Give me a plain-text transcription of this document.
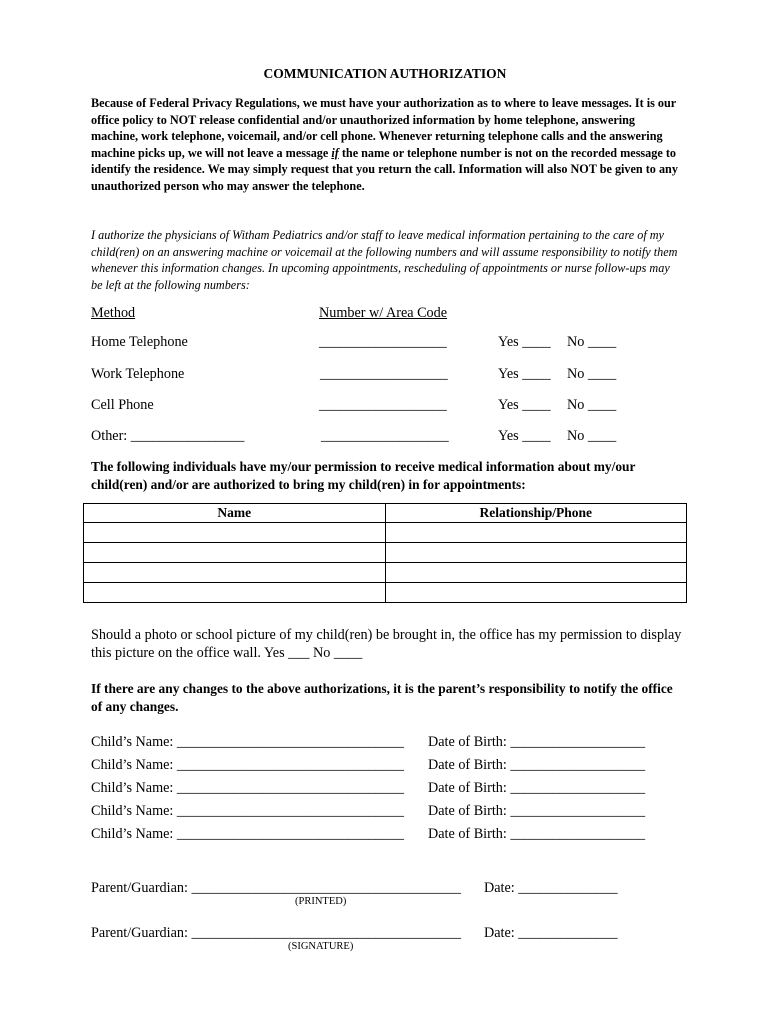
COMMUNICATION AUTHORIZATION
Because of Federal Privacy Regulations, we must have your authorization as to where to leave messages. It is our office policy to NOT release confidential and/or unauthorized information by home telephone, answering machine, work telephone, voicemail, and/or cell phone. Whenever returning telephone calls and the answering machine picks up, we will not leave a message if the name or telephone number is not on the recorded message to identify the residence. We may simply request that you return the call. Information will also NOT be given to any unauthorized person who may answer the telephone.
I authorize the physicians of Witham Pediatrics and/or staff to leave medical information pertaining to the care of my child(ren) on an answering machine or voicemail at the following numbers and will assume responsibility to notify them whenever this information changes. In upcoming appointments, rescheduling of appointments or nurse follow-ups may be left at the following numbers:
Method	Number w/ Area Code
Home Telephone	__________________	Yes ____ No ____
Work Telephone	__________________	Yes ____ No ____
Cell Phone	__________________	Yes ____ No ____
Other: ________________	__________________	Yes ____ No ____
The following individuals have my/our permission to receive medical information about my/our child(ren) and/or are authorized to bring my child(ren) in for appointments:
Name	Relationship/Phone

Should a photo or school picture of my child(ren) be brought in, the office has my permission to display this picture on the office wall. Yes ___ No ____
If there are any changes to the above authorizations, it is the parent’s responsibility to notify the office of any changes.
Child’s Name: ________________________________ Date of Birth: ___________________
Child’s Name: ________________________________ Date of Birth: ___________________
Child’s Name: ________________________________ Date of Birth: ___________________
Child’s Name: ________________________________ Date of Birth: ___________________
Child’s Name: ________________________________ Date of Birth: ___________________
Parent/Guardian: ______________________________________ Date: ______________
(PRINTED)
Parent/Guardian: ______________________________________ Date: ______________
(SIGNATURE)
